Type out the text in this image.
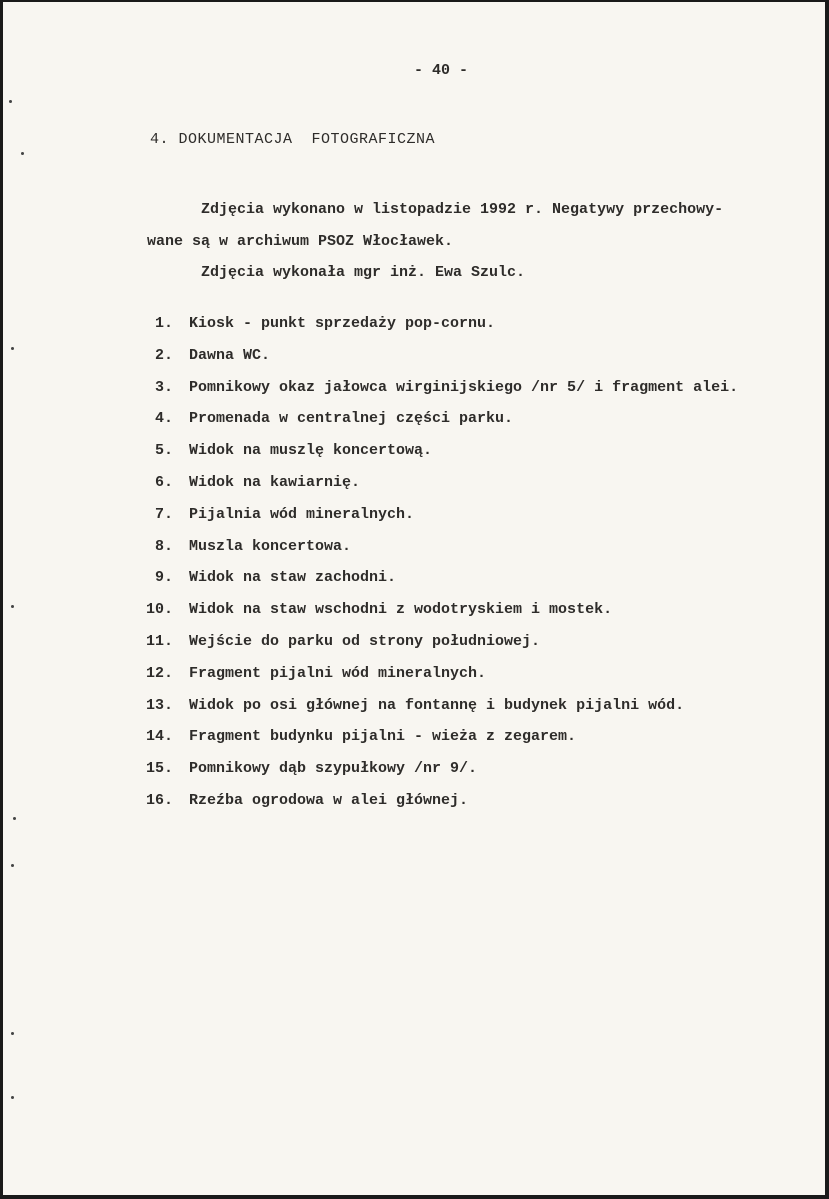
- 40 -
4. DOKUMENTACJA  FOTOGRAFICZNA
Zdjęcia wykonano w listopadzie 1992 r. Negatywy przechowy-
wane są w archiwum PSOZ Włocławek.
Zdjęcia wykonała mgr inż. Ewa Szulc.
1. Kiosk - punkt sprzedaży pop-cornu.
2. Dawna WC.
3. Pomnikowy okaz jałowca wirginijskiego /nr 5/ i fragment alei.
4. Promenada w centralnej części parku.
5. Widok na muszlę koncertową.
6. Widok na kawiarnię.
7. Pijalnia wód mineralnych.
8. Muszla koncertowa.
9. Widok na staw zachodni.
10. Widok na staw wschodni z wodotryskiem i mostek.
11. Wejście do parku od strony południowej.
12. Fragment pijalni wód mineralnych.
13. Widok po osi głównej na fontannę i budynek pijalni wód.
14. Fragment budynku pijalni - wieża z zegarem.
15. Pomnikowy dąb szypułkowy /nr 9/.
16. Rzeźba ogrodowa w alei głównej.
